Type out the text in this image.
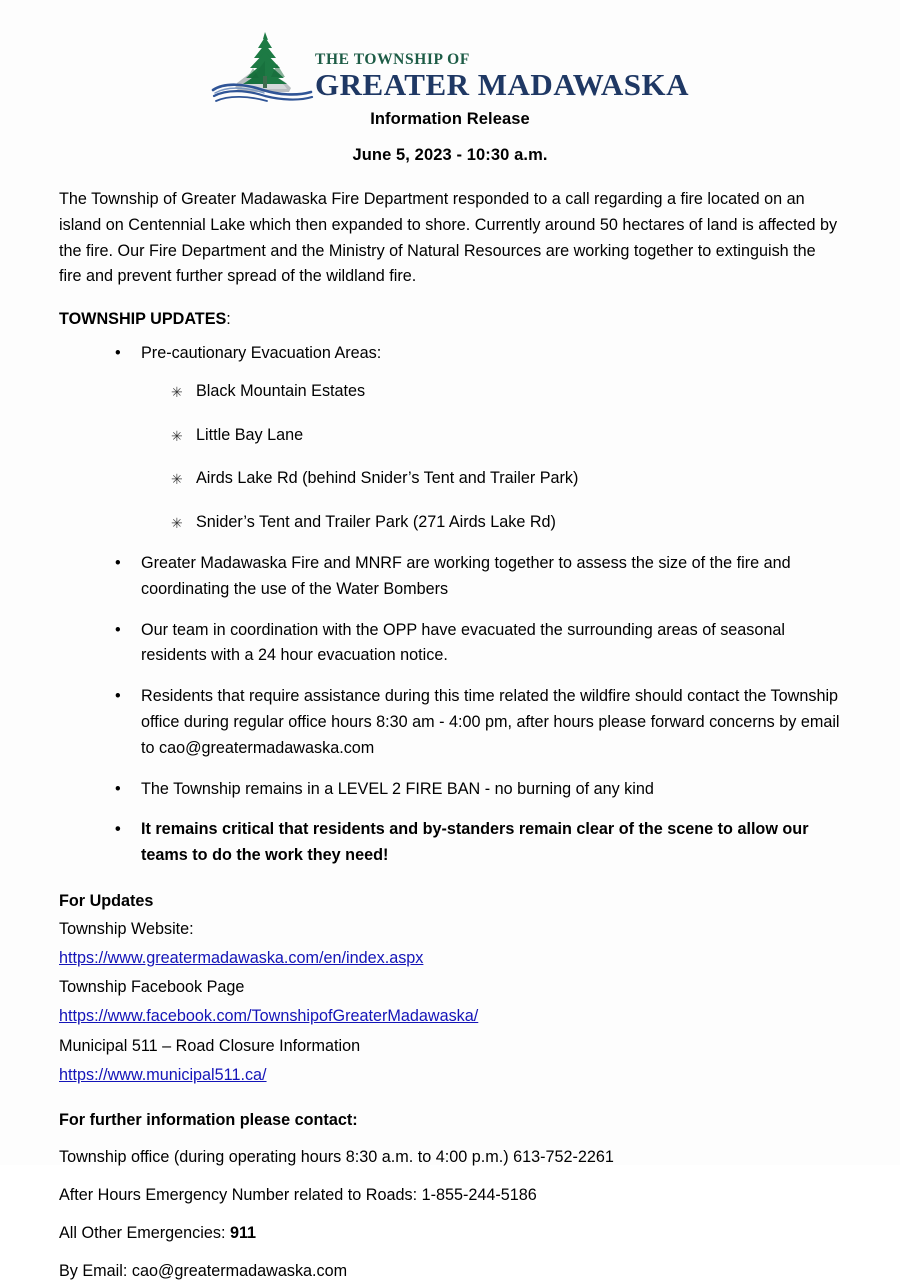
THE TOWNSHIP OF
GREATER MADAWASKA
Information Release
June 5, 2023 - 10:30 a.m.
The Township of Greater Madawaska Fire Department responded to a call regarding a fire located on an island on Centennial Lake which then expanded to shore. Currently around 50 hectares of land is affected by the fire. Our Fire Department and the Ministry of Natural Resources are working together to extinguish the fire and prevent further spread of the wildland fire.
TOWNSHIP UPDATES:
• Pre-cautionary Evacuation Areas:
✳ Black Mountain Estates
✳ Little Bay Lane
✳ Airds Lake Rd (behind Snider’s Tent and Trailer Park)
✳ Snider’s Tent and Trailer Park (271 Airds Lake Rd)
• Greater Madawaska Fire and MNRF are working together to assess the size of the fire and coordinating the use of the Water Bombers
• Our team in coordination with the OPP have evacuated the surrounding areas of seasonal residents with a 24 hour evacuation notice.
• Residents that require assistance during this time related the wildfire should contact the Township office during regular office hours 8:30 am - 4:00 pm, after hours please forward concerns by email to cao@greatermadawaska.com
• The Township remains in a LEVEL 2 FIRE BAN - no burning of any kind
• It remains critical that residents and by-standers remain clear of the scene to allow our teams to do the work they need!
For Updates
Township Website:
https://www.greatermadawaska.com/en/index.aspx
Township Facebook Page
https://www.facebook.com/TownshipofGreaterMadawaska/
Municipal 511 – Road Closure Information
https://www.municipal511.ca/
For further information please contact:
Township office (during operating hours 8:30 a.m. to 4:00 p.m.) 613-752-2261
After Hours Emergency Number related to Roads: 1-855-244-5186
All Other Emergencies: 911
By Email: cao@greatermadawaska.com
